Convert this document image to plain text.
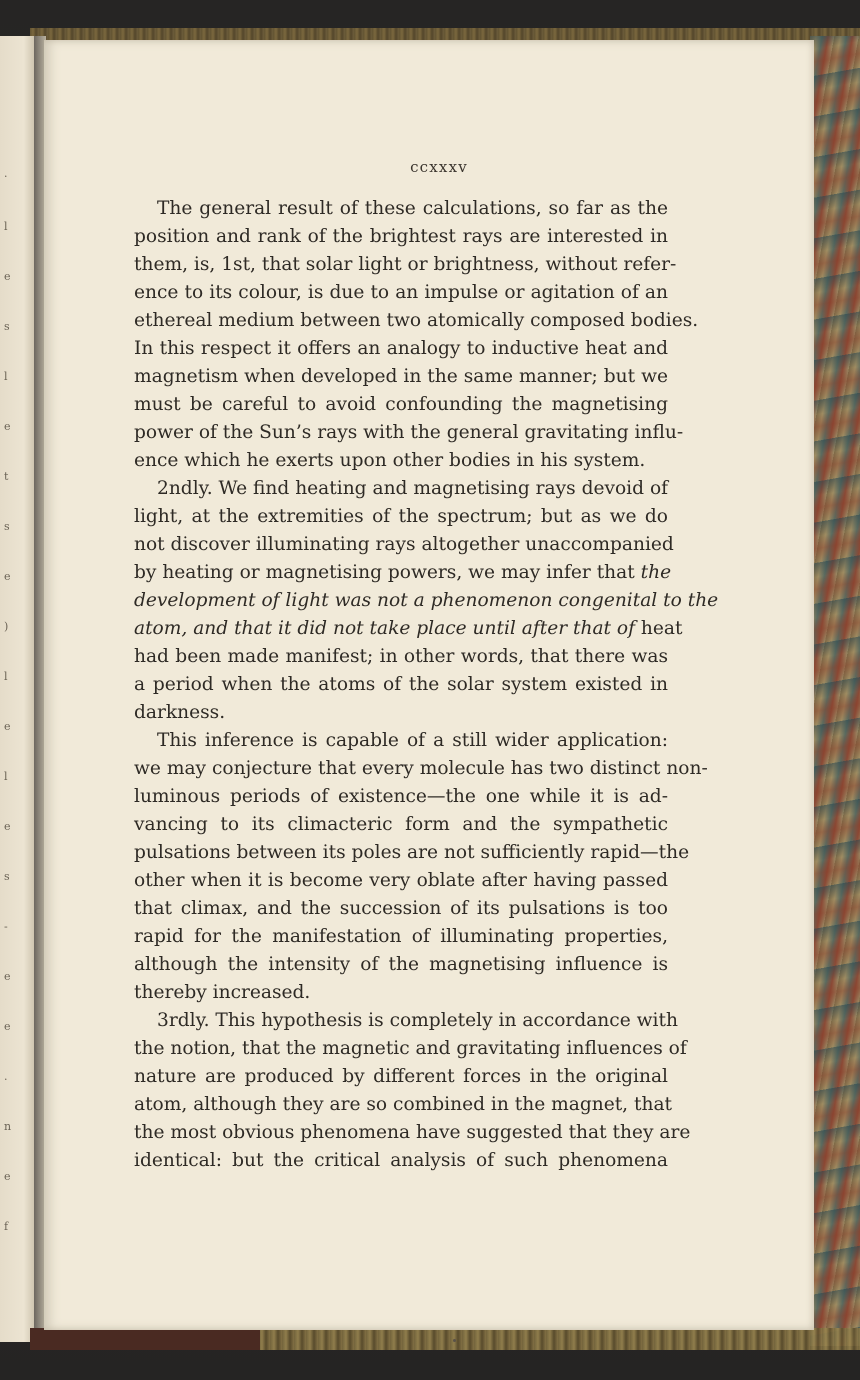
·
l
e
s
l
e
t
s
e
)
l
e
l
e
s
-
e
e
.
n
e
f
ccxxxv
The general result of these calculations, so far as the
position and rank of the brightest rays are interested in
them, is, 1st, that solar light or brightness, without refer-
ence to its colour, is due to an impulse or agitation of an
ethereal medium between two atomically composed bodies.
In this respect it offers an analogy to inductive heat and
magnetism when developed in the same manner; but we
must be careful to avoid confounding the magnetising
power of the Sun’s rays with the general gravitating influ-
ence which he exerts upon other bodies in his system.
2ndly. We find heating and magnetising rays devoid of
light, at the extremities of the spectrum; but as we do
not discover illuminating rays altogether unaccompanied
by heating or magnetising powers, we may infer that the
development of light was not a phenomenon congenital to the
atom, and that it did not take place until after that of heat
had been made manifest; in other words, that there was
a period when the atoms of the solar system existed in
darkness.
This inference is capable of a still wider application:
we may conjecture that every molecule has two distinct non-
luminous periods of existence—the one while it is ad-
vancing to its climacteric form and the sympathetic
pulsations between its poles are not sufficiently rapid—the
other when it is become very oblate after having passed
that climax, and the succession of its pulsations is too
rapid for the manifestation of illuminating properties,
although the intensity of the magnetising influence is
thereby increased.
3rdly. This hypothesis is completely in accordance with
the notion, that the magnetic and gravitating influences of
nature are produced by different forces in the original
atom, although they are so combined in the magnet, that
the most obvious phenomena have suggested that they are
identical: but the critical analysis of such phenomena
